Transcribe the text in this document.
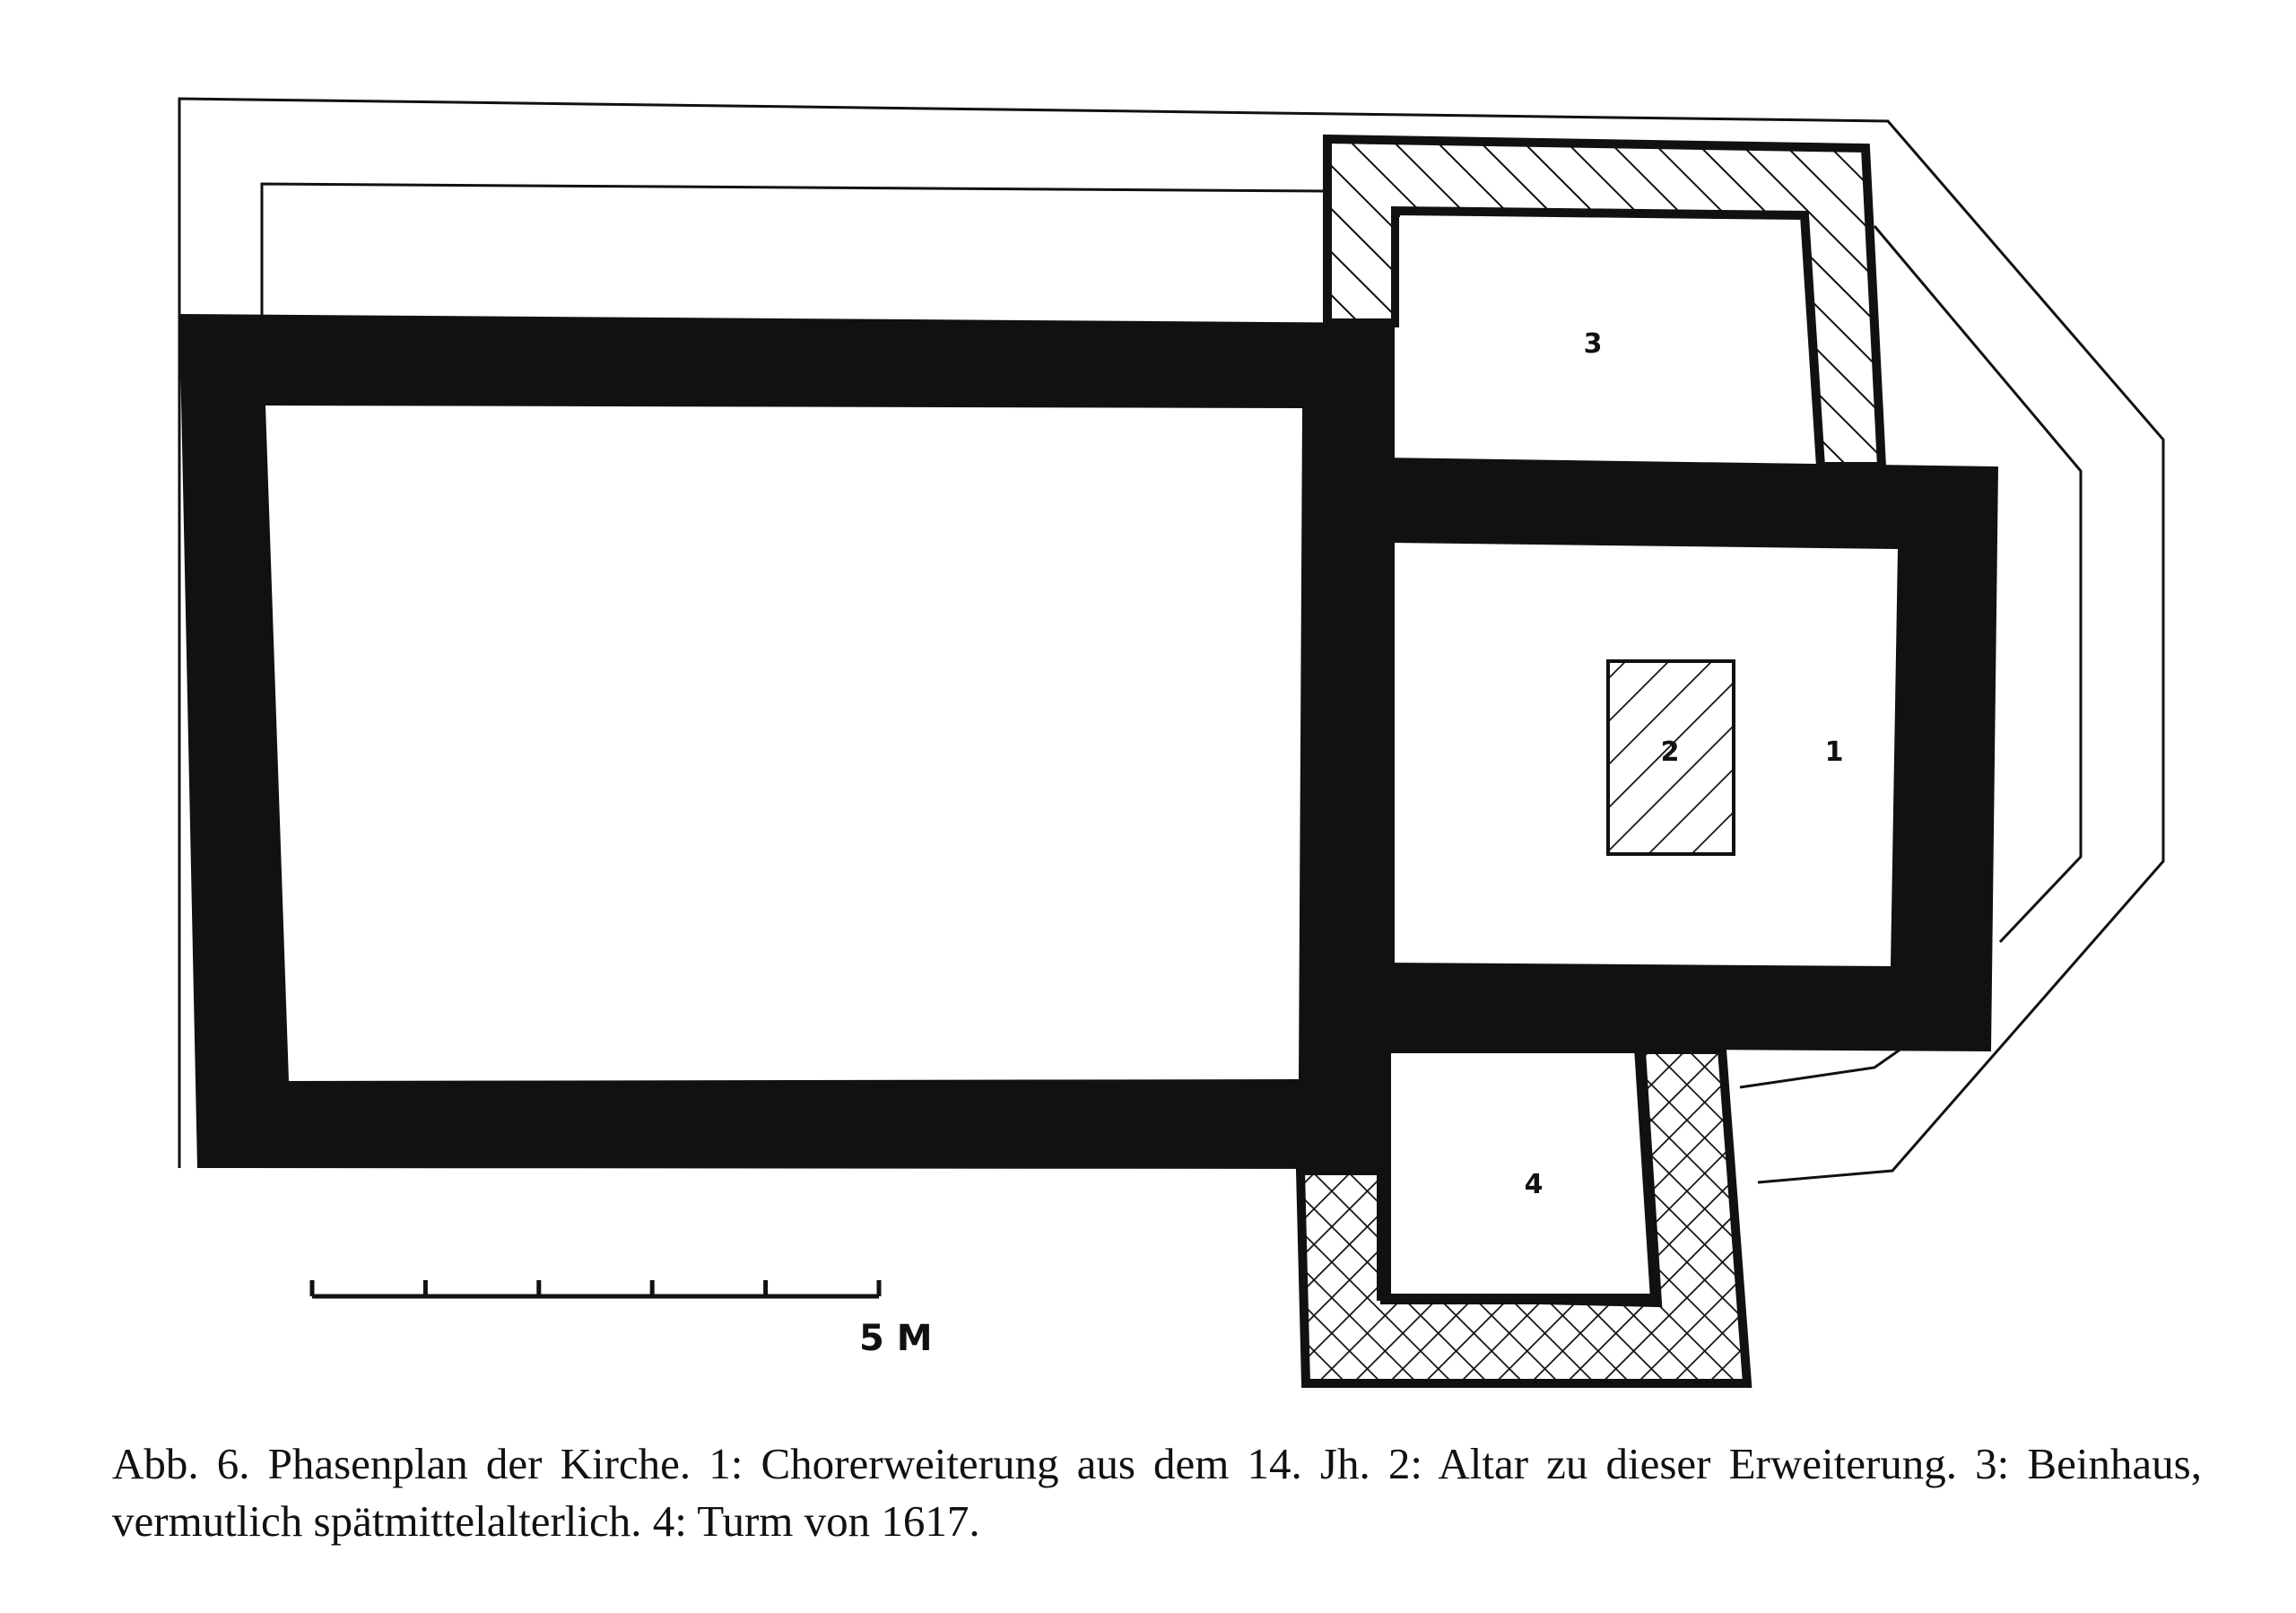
3
2	1
4
5 M

Abb. 6. Phasenplan der Kirche. 1: Chorerweiterung aus dem 14. Jh. 2: Altar zu dieser Erweiterung. 3: Beinhaus, vermutlich spätmittelalterlich. 4: Turm von 1617.
